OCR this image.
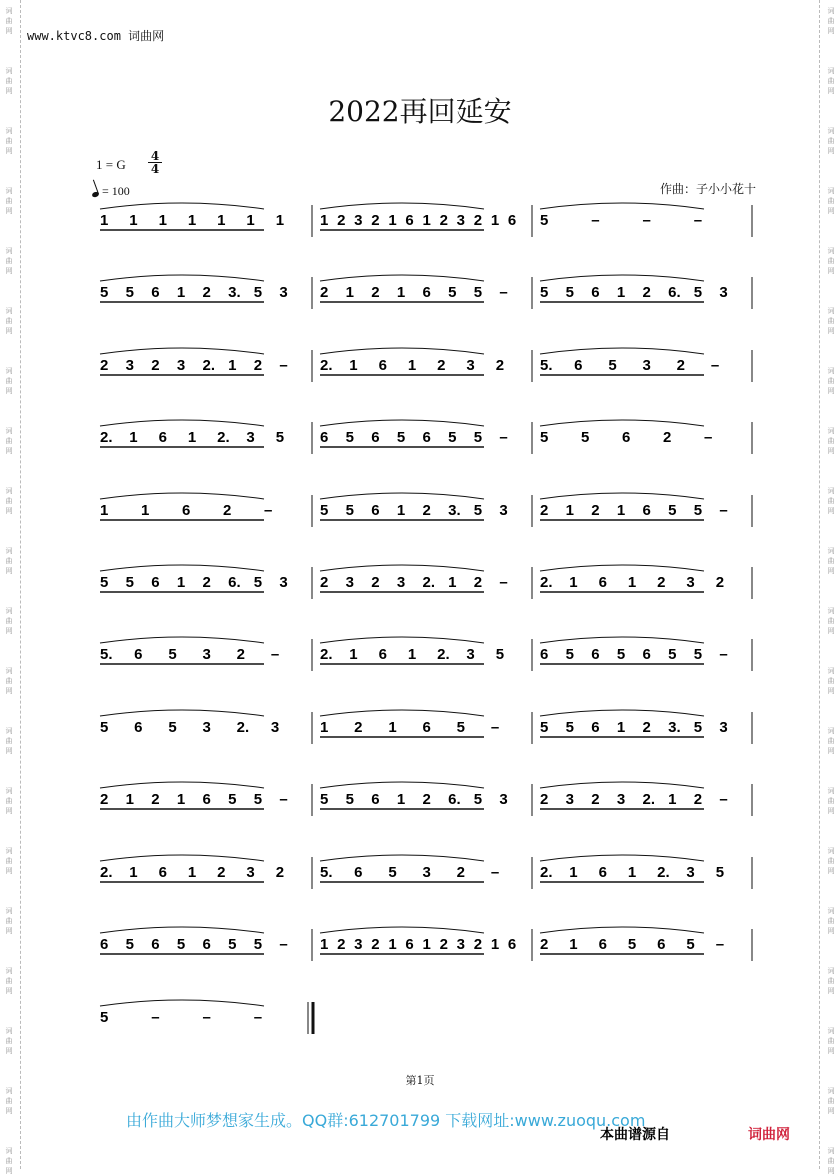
词
曲
网
词
曲
网
词
曲
网
词
曲
网
词
曲
网
词
曲
网
词
曲
网
词
曲
网
词
曲
网
词
曲
网
词
曲
网
词
曲
网
词
曲
网
词
曲
网
词
曲
网
词
曲
网
词
曲
网
词
曲
网
词
曲
网
词
曲
网
词
曲
网
词
曲
网
词
曲
网
词
曲
网
词
曲
网
词
曲
网
词
曲
网
词
曲
网
词
曲
网
词
曲
网
词
曲
网
词
曲
网
词
曲
网
词
曲
网
词
曲
网
词
曲
网
词
曲
网
词
曲
网
词
曲
网
词
曲
网
www.ktvc8.com 词曲网
2022再回延安
1 = G $\frac{4}{4}$
= 100	作曲：子小小花十
1 1 1 1 1 1 1 1 2 3 2 1 6 1 2 3 2 1 6 5	–	–	–
5 5 6 1 2 3. 5 3 2 1 2 1 6 5 5 – 5 5 6 1 2 6. 5 3
2 3 2 3 2. 1 2 – 2. 1 6 1 2 3 2 5. 6 5 3 2 –
2. 1 6 1 2. 3 5 6 5 6 5 6 5 5 – 5 5 6 2 –
1 1 6 2 –	5 5 6 1 2 3. 5 3 2 1 2 1 6 5 5 –
5 5 6 1 2 6. 5 3 2 3 2 3 2. 1 2 – 2. 1 6 1 2 3 2
5. 6 5 3 2 –	2. 1 6 1 2. 3 5 6 5 6 5 6 5 5 –
5 6 5 3 2. 3	1 2 1 6 5 –	5 5 6 1 2 3. 5 3
2 1 2 1 6 5 5 – 5 5 6 1 2 6. 5 3 2 3 2 3 2. 1 2 –
2. 1 6 1 2 3 2 5. 6 5 3 2 –	2. 1 6 1 2. 3 5
6 5 6 5 6 5 5 – 1 2 3 2 1 6 1 2 3 2 1 6 2 1 6 5 6 5 –
5	–	–	–
第1页
由作曲大师梦想家生成。QQ群:612701799 下载网址:www.zuoqu.com
本曲谱源自	词曲网
